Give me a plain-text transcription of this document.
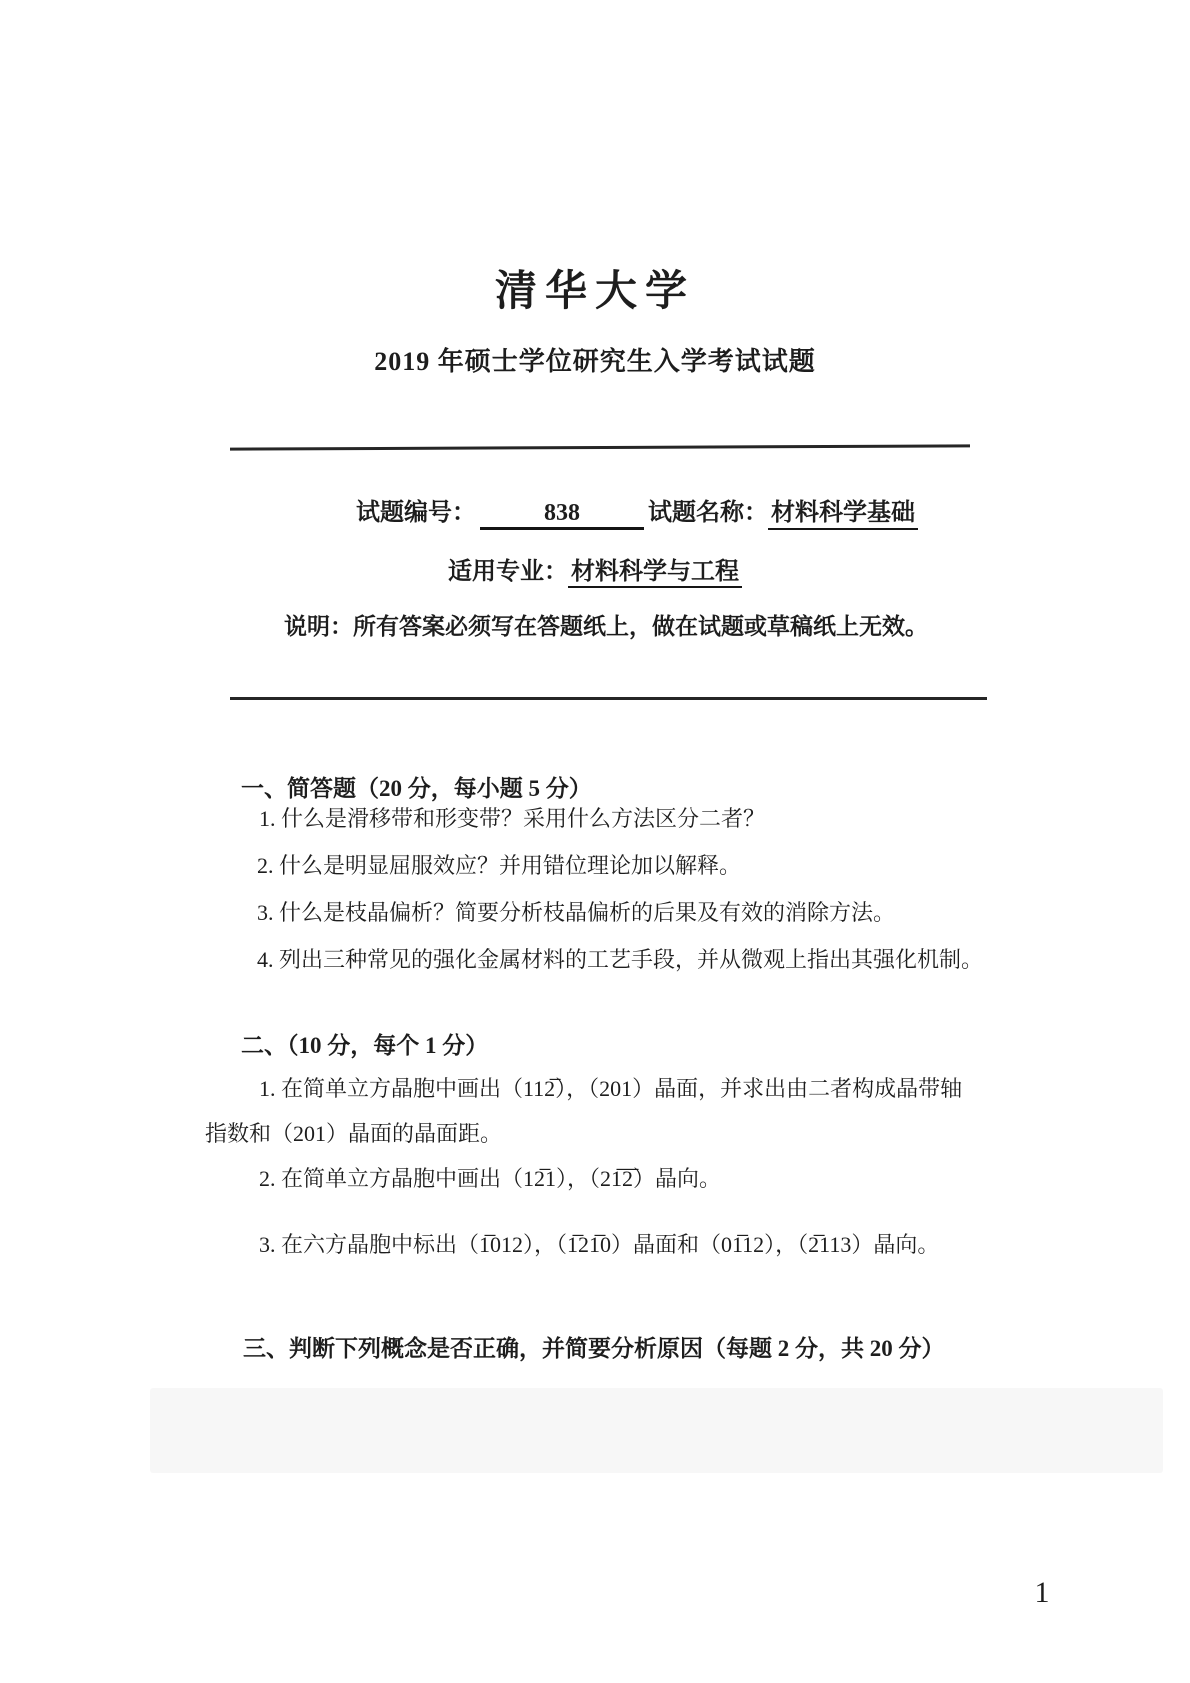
清华大学
2019 年硕士学位研究生入学考试试题
试题编号：	838	试题名称： 材料科学基础
适用专业： 材料科学与工程
说明：所有答案必须写在答题纸上，做在试题或草稿纸上无效。
一、简答题（20 分，每小题 5 分）
1. 什么是滑移带和形变带？采用什么方法区分二者？
2. 什么是明显屈服效应？并用错位理论加以解释。
3. 什么是枝晶偏析？简要分析枝晶偏析的后果及有效的消除方法。
4. 列出三种常见的强化金属材料的工艺手段，并从微观上指出其强化机制。
二、（10 分，每个 1 分）
1. 在简单立方晶胞中画出（112̅），（201）晶面，并求出由二者构成晶带轴
指数和（201）晶面的晶面距。
2. 在简单立方晶胞中画出（12̅1），（21̅2̅）晶向。
3. 在六方晶胞中标出（1̅012），（1̅21̅0）晶面和（01̅12），（2̅113）晶向。
三、判断下列概念是否正确，并简要分析原因（每题 2 分，共 20 分）
1
